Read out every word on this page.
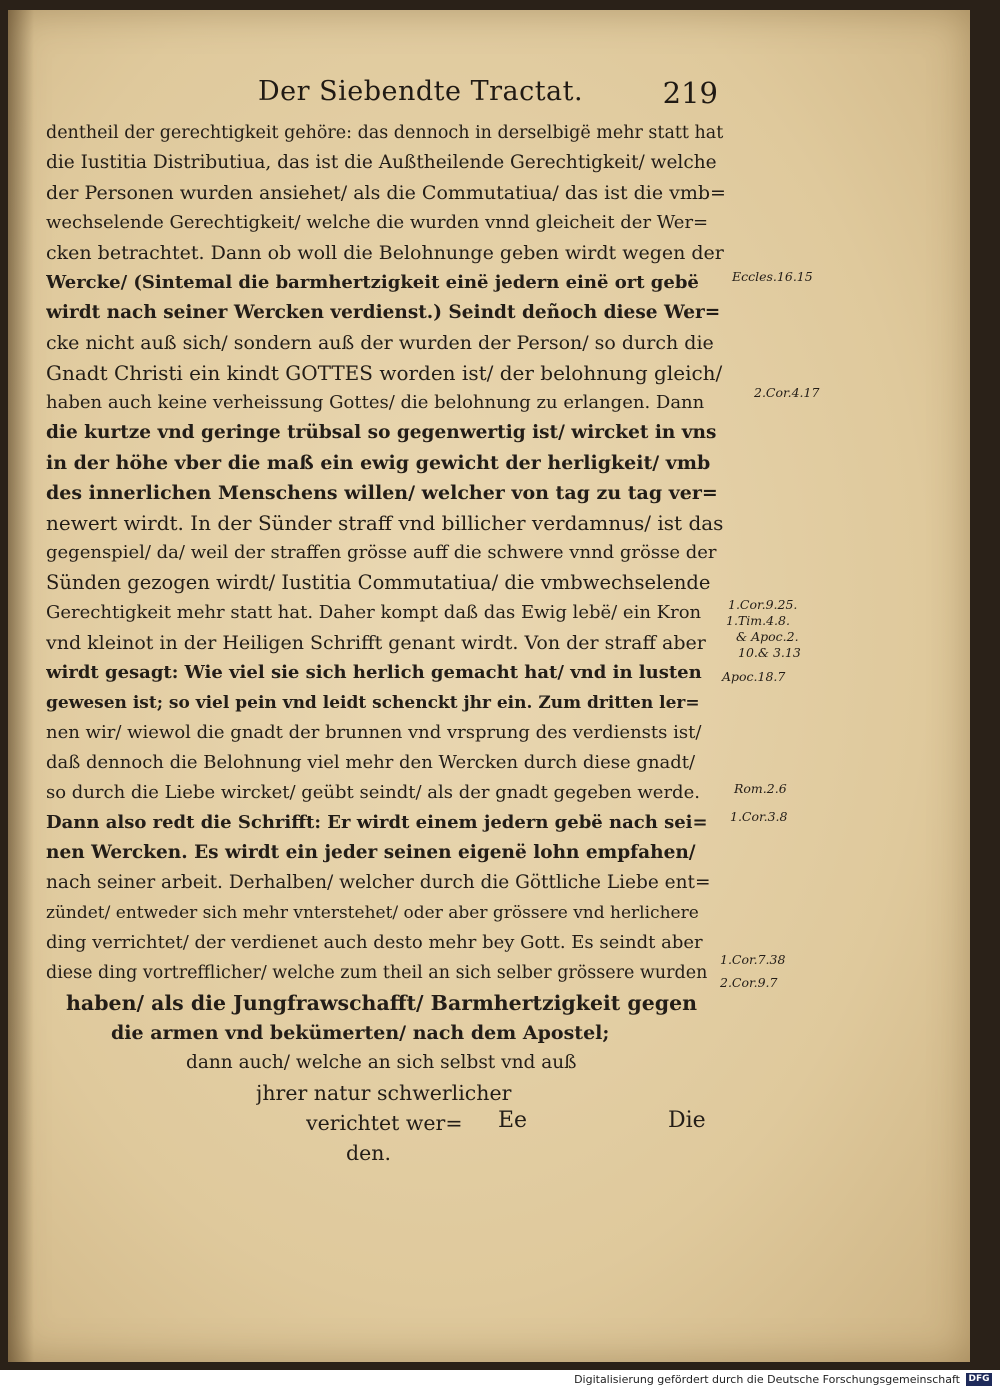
Der Siebendte Tractat.	219
dentheil der gerechtigkeit gehöre: das dennoch in derselbigë mehr statt hat
die Iustitia Distributiua, das ist die Außtheilende Gerechtigkeit/ welche
der Personen wurden ansiehet/ als die Commutatiua/ das ist die vmb=
wechselende Gerechtigkeit/ welche die wurden vnnd gleicheit der Wer=
cken betrachtet. Dann ob woll die Belohnunge geben wirdt wegen der
Wercke/ (Sintemal die barmhertzigkeit einë jedern einë ort gebë
wirdt nach seiner Wercken verdienst.) Seindt deñoch diese Wer=
cke nicht auß sich/ sondern auß der wurden der Person/ so durch die
Gnadt Christi ein kindt GOTTES worden ist/ der belohnung gleich/
haben auch keine verheissung Gottes/ die belohnung zu erlangen. Dann
die kurtze vnd geringe trübsal so gegenwertig ist/ wircket in vns
in der höhe vber die maß ein ewig gewicht der herligkeit/ vmb
des innerlichen Menschens willen/ welcher von tag zu tag ver=
newert wirdt. In der Sünder straff vnd billicher verdamnus/ ist das
gegenspiel/ da/ weil der straffen grösse auff die schwere vnnd grösse der
Sünden gezogen wirdt/ Iustitia Commutatiua/ die vmbwechselende
Gerechtigkeit mehr statt hat. Daher kompt daß das Ewig lebë/ ein Kron
vnd kleinot in der Heiligen Schrifft genant wirdt. Von der straff aber
wirdt gesagt: Wie viel sie sich herlich gemacht hat/ vnd in lusten
gewesen ist; so viel pein vnd leidt schenckt jhr ein. Zum dritten ler=
nen wir/ wiewol die gnadt der brunnen vnd vrsprung des verdiensts ist/
daß dennoch die Belohnung viel mehr den Wercken durch diese gnadt/
so durch die Liebe wircket/ geübt seindt/ als der gnadt gegeben werde.
Dann also redt die Schrifft: Er wirdt einem jedern gebë nach sei=
nen Wercken. Es wirdt ein jeder seinen eigenë lohn empfahen/
nach seiner arbeit. Derhalben/ welcher durch die Göttliche Liebe ent=
zündet/ entweder sich mehr vnterstehet/ oder aber grössere vnd herlichere
ding verrichtet/ der verdienet auch desto mehr bey Gott. Es seindt aber
diese ding vortrefflicher/ welche zum theil an sich selber grössere wurden
haben/ als die Jungfrawschafft/ Barmhertzigkeit gegen
die armen vnd bekümerten/ nach dem Apostel;
dann auch/ welche an sich selbst vnd auß
jhrer natur schwerlicher
verichtet wer=
den.
Eccles.16.15
2.Cor.4.17
1.Cor.9.25.
1.Tim.4.8.
& Apoc.2.
10.& 3.13
Apoc.18.7
Rom.2.6
1.Cor.3.8
1.Cor.7.38
2.Cor.9.7
Ee	Die
Digitalisierung gefördert durch die Deutsche Forschungsgemeinschaft DFG
